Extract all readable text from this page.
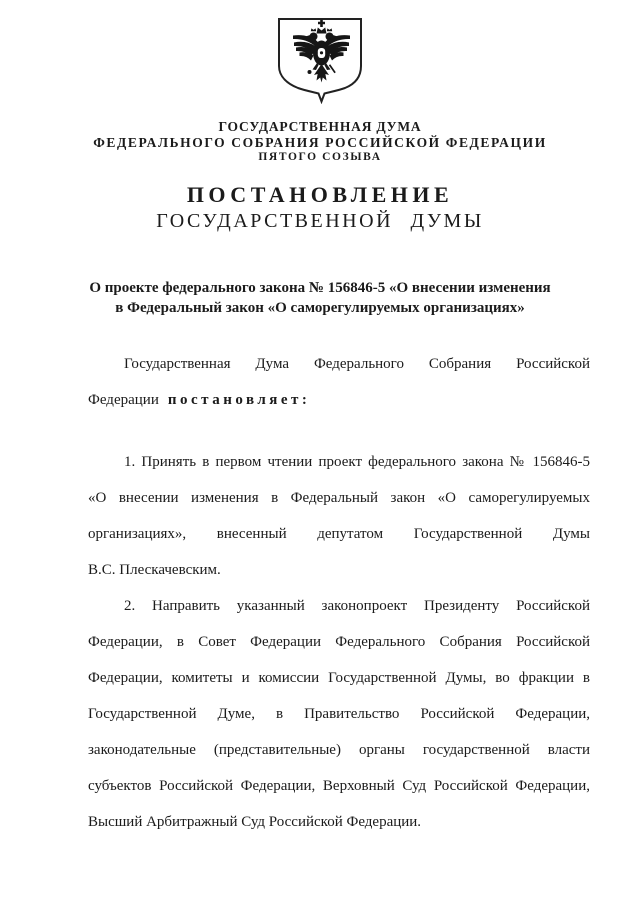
ГОСУДАРСТВЕННАЯ ДУМА
ФЕДЕРАЛЬНОГО СОБРАНИЯ РОССИЙСКОЙ ФЕДЕРАЦИИ
ПЯТОГО СОЗЫВА
ПОСТАНОВЛЕНИЕ
ГОСУДАРСТВЕННОЙ ДУМЫ
О проекте федерального закона № 156846-5 «О внесении изменения
в Федеральный закон «О саморегулируемых организациях»
Государственная Дума Федерального Собрания Российской
Федерации постановляет:
1. Принять в первом чтении проект федерального закона № 156846-5
«О внесении изменения в Федеральный закон «О саморегулируемых
организациях», внесенный депутатом Государственной Думы
В.С. Плескачевским.
2. Направить указанный законопроект Президенту Российской
Федерации, в Совет Федерации Федерального Собрания Российской
Федерации, комитеты и комиссии Государственной Думы, во фракции в
Государственной Думе, в Правительство Российской Федерации,
законодательные (представительные) органы государственной власти
субъектов Российской Федерации, Верховный Суд Российской Федерации,
Высший Арбитражный Суд Российской Федерации.
